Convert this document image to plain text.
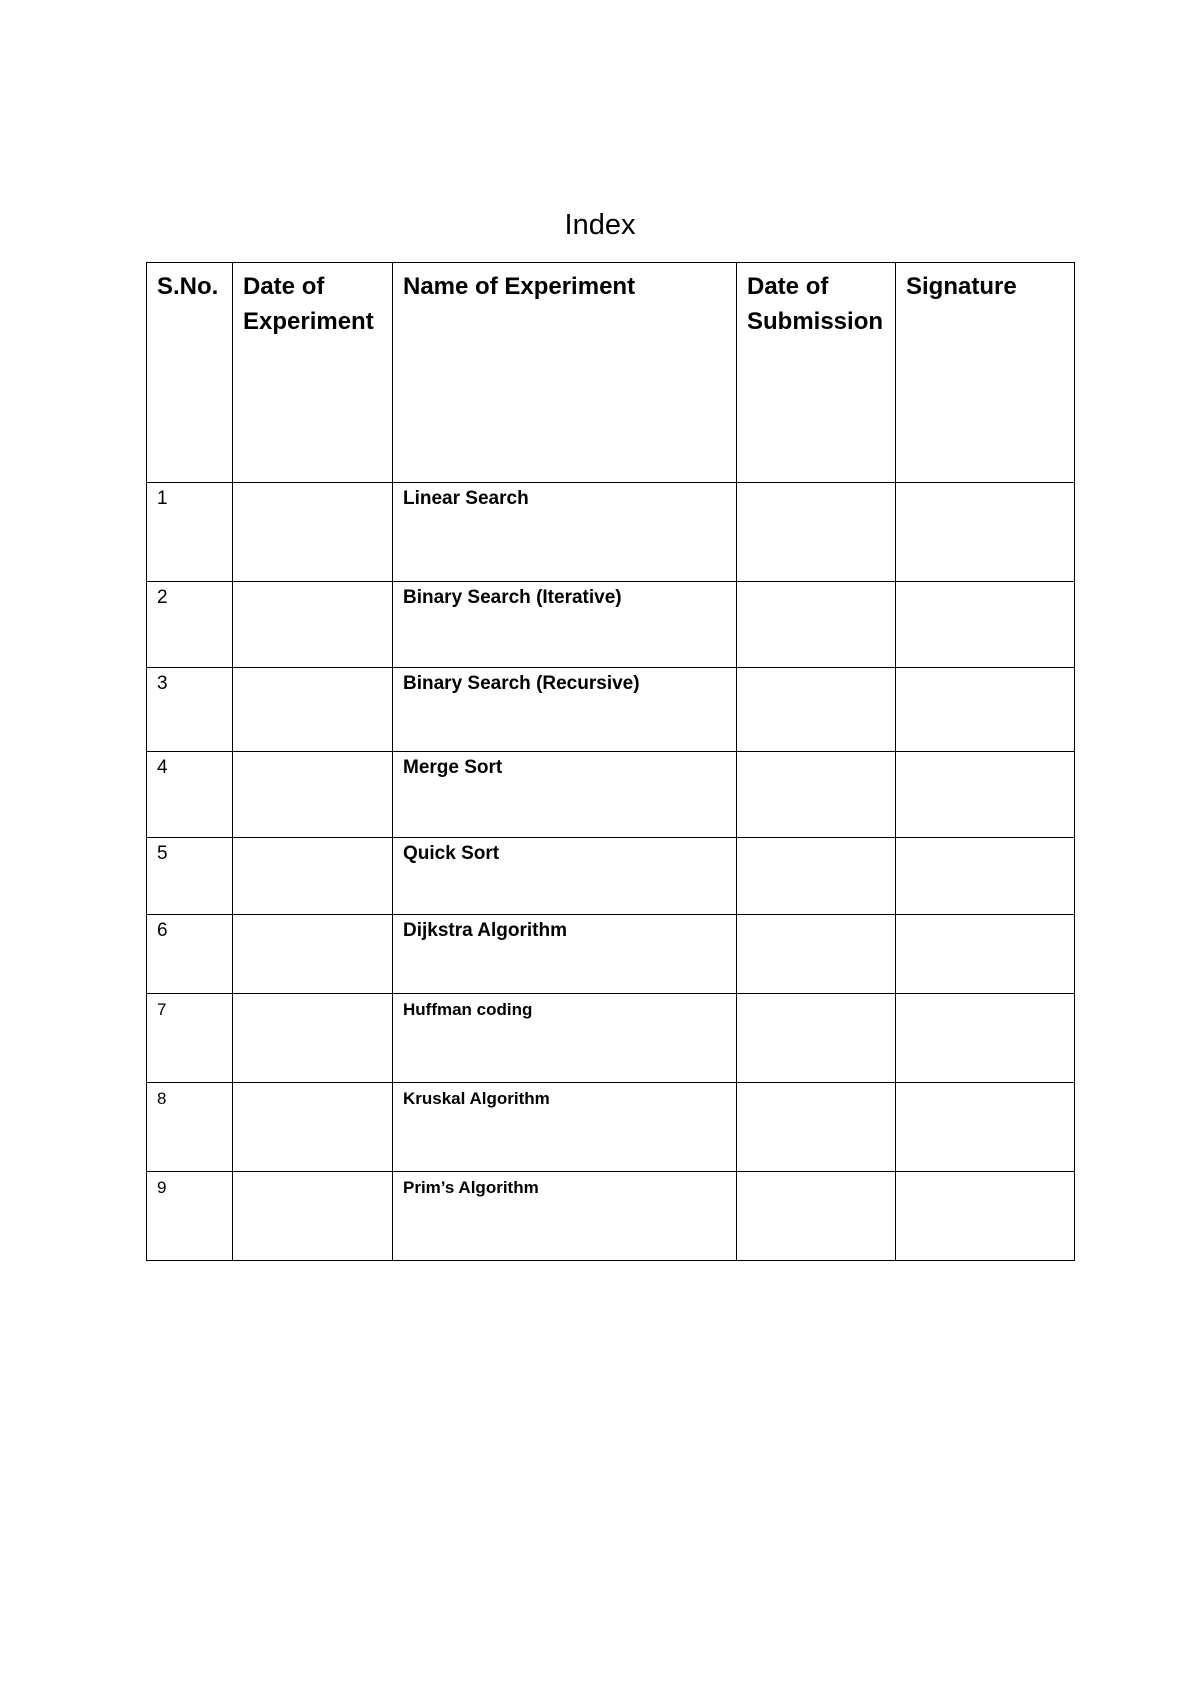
Index
S.No.	Date of Experiment	Name of Experiment	Date of Submission	Signature
1		Linear Search		
2		Binary Search (Iterative)		
3		Binary Search (Recursive)		
4		Merge Sort		
5		Quick Sort		
6		Dijkstra Algorithm		
7		Huffman coding		
8		Kruskal Algorithm		
9		Prim’s Algorithm		
